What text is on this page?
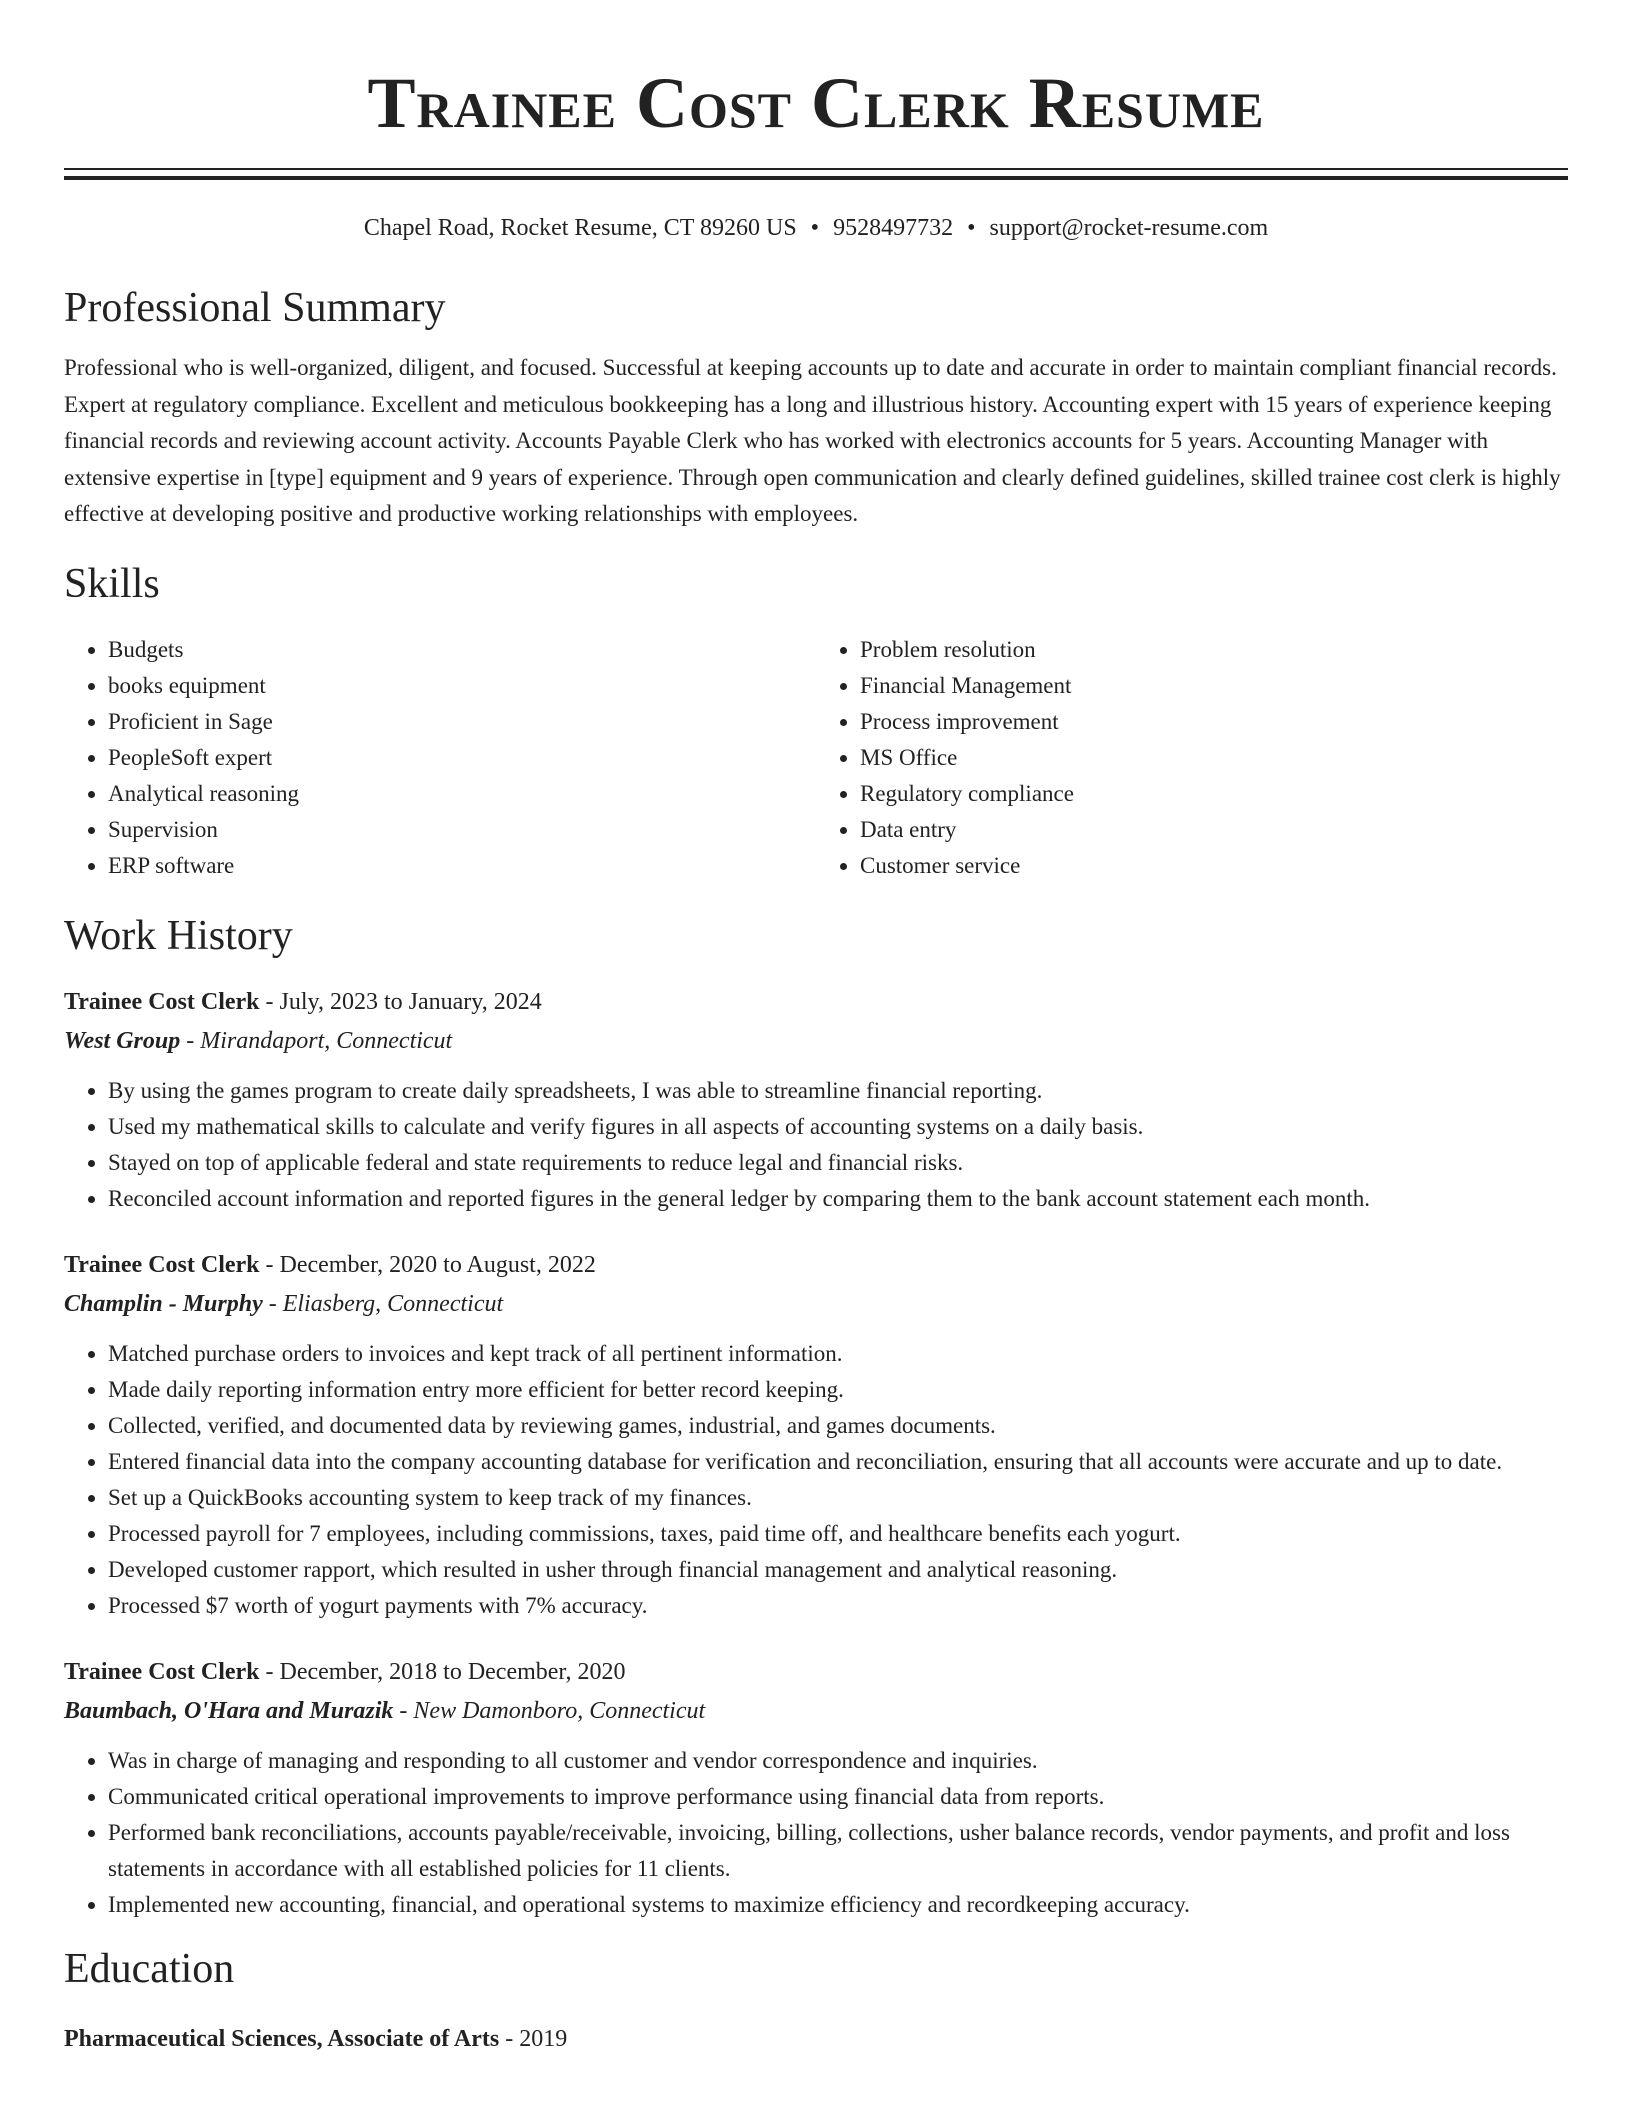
Trainee Cost Clerk Resume
Chapel Road, Rocket Resume, CT 89260 US • 9528497732 • support@rocket-resume.com
Professional Summary
Professional who is well-organized, diligent, and focused. Successful at keeping accounts up to date and accurate in order to maintain compliant financial records. Expert at regulatory compliance. Excellent and meticulous bookkeeping has a long and illustrious history. Accounting expert with 15 years of experience keeping financial records and reviewing account activity. Accounts Payable Clerk who has worked with electronics accounts for 5 years. Accounting Manager with extensive expertise in [type] equipment and 9 years of experience. Through open communication and clearly defined guidelines, skilled trainee cost clerk is highly effective at developing positive and productive working relationships with employees.
Skills
• Budgets
• books equipment
• Proficient in Sage
• PeopleSoft expert
• Analytical reasoning
• Supervision
• ERP software
• Problem resolution
• Financial Management
• Process improvement
• MS Office
• Regulatory compliance
• Data entry
• Customer service
Work History
Trainee Cost Clerk - July, 2023 to January, 2024
West Group - Mirandaport, Connecticut
• By using the games program to create daily spreadsheets, I was able to streamline financial reporting.
• Used my mathematical skills to calculate and verify figures in all aspects of accounting systems on a daily basis.
• Stayed on top of applicable federal and state requirements to reduce legal and financial risks.
• Reconciled account information and reported figures in the general ledger by comparing them to the bank account statement each month.
Trainee Cost Clerk - December, 2020 to August, 2022
Champlin - Murphy - Eliasberg, Connecticut
• Matched purchase orders to invoices and kept track of all pertinent information.
• Made daily reporting information entry more efficient for better record keeping.
• Collected, verified, and documented data by reviewing games, industrial, and games documents.
• Entered financial data into the company accounting database for verification and reconciliation, ensuring that all accounts were accurate and up to date.
• Set up a QuickBooks accounting system to keep track of my finances.
• Processed payroll for 7 employees, including commissions, taxes, paid time off, and healthcare benefits each yogurt.
• Developed customer rapport, which resulted in usher through financial management and analytical reasoning.
• Processed $7 worth of yogurt payments with 7% accuracy.
Trainee Cost Clerk - December, 2018 to December, 2020
Baumbach, O'Hara and Murazik - New Damonboro, Connecticut
• Was in charge of managing and responding to all customer and vendor correspondence and inquiries.
• Communicated critical operational improvements to improve performance using financial data from reports.
• Performed bank reconciliations, accounts payable/receivable, invoicing, billing, collections, usher balance records, vendor payments, and profit and loss statements in accordance with all established policies for 11 clients.
• Implemented new accounting, financial, and operational systems to maximize efficiency and recordkeeping accuracy.
Education
Pharmaceutical Sciences, Associate of Arts - 2019
